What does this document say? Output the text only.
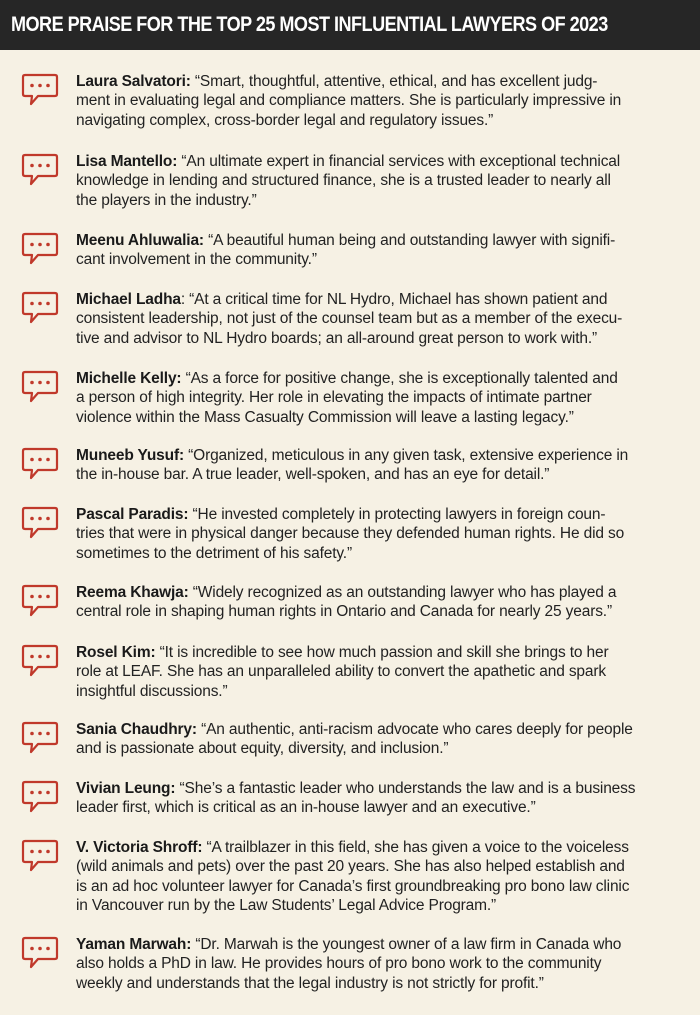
MORE PRAISE FOR THE TOP 25 MOST INFLUENTIAL LAWYERS OF 2023
Laura Salvatori: “Smart, thoughtful, attentive, ethical, and has excellent judg-
ment in evaluating legal and compliance matters. She is particularly impressive in
navigating complex, cross-border legal and regulatory issues.”
Lisa Mantello: “An ultimate expert in financial services with exceptional technical
knowledge in lending and structured finance, she is a trusted leader to nearly all
the players in the industry.”
Meenu Ahluwalia: “A beautiful human being and outstanding lawyer with signifi-
cant involvement in the community.”
Michael Ladha: “At a critical time for NL Hydro, Michael has shown patient and
consistent leadership, not just of the counsel team but as a member of the execu-
tive and advisor to NL Hydro boards; an all-around great person to work with.”
Michelle Kelly: “As a force for positive change, she is exceptionally talented and
a person of high integrity. Her role in elevating the impacts of intimate partner
violence within the Mass Casualty Commission will leave a lasting legacy.”
Muneeb Yusuf: “Organized, meticulous in any given task, extensive experience in
the in-house bar. A true leader, well-spoken, and has an eye for detail.”
Pascal Paradis: “He invested completely in protecting lawyers in foreign coun-
tries that were in physical danger because they defended human rights. He did so
sometimes to the detriment of his safety.”
Reema Khawja: “Widely recognized as an outstanding lawyer who has played a
central role in shaping human rights in Ontario and Canada for nearly 25 years.”
Rosel Kim: “It is incredible to see how much passion and skill she brings to her
role at LEAF. She has an unparalleled ability to convert the apathetic and spark
insightful discussions.”
Sania Chaudhry: “An authentic, anti-racism advocate who cares deeply for people
and is passionate about equity, diversity, and inclusion.”
Vivian Leung: “She’s a fantastic leader who understands the law and is a business
leader first, which is critical as an in-house lawyer and an executive.”
V. Victoria Shroff: “A trailblazer in this field, she has given a voice to the voiceless
(wild animals and pets) over the past 20 years. She has also helped establish and
is an ad hoc volunteer lawyer for Canada’s first groundbreaking pro bono law clinic
in Vancouver run by the Law Students’ Legal Advice Program.”
Yaman Marwah: “Dr. Marwah is the youngest owner of a law firm in Canada who
also holds a PhD in law. He provides hours of pro bono work to the community
weekly and understands that the legal industry is not strictly for profit.”
